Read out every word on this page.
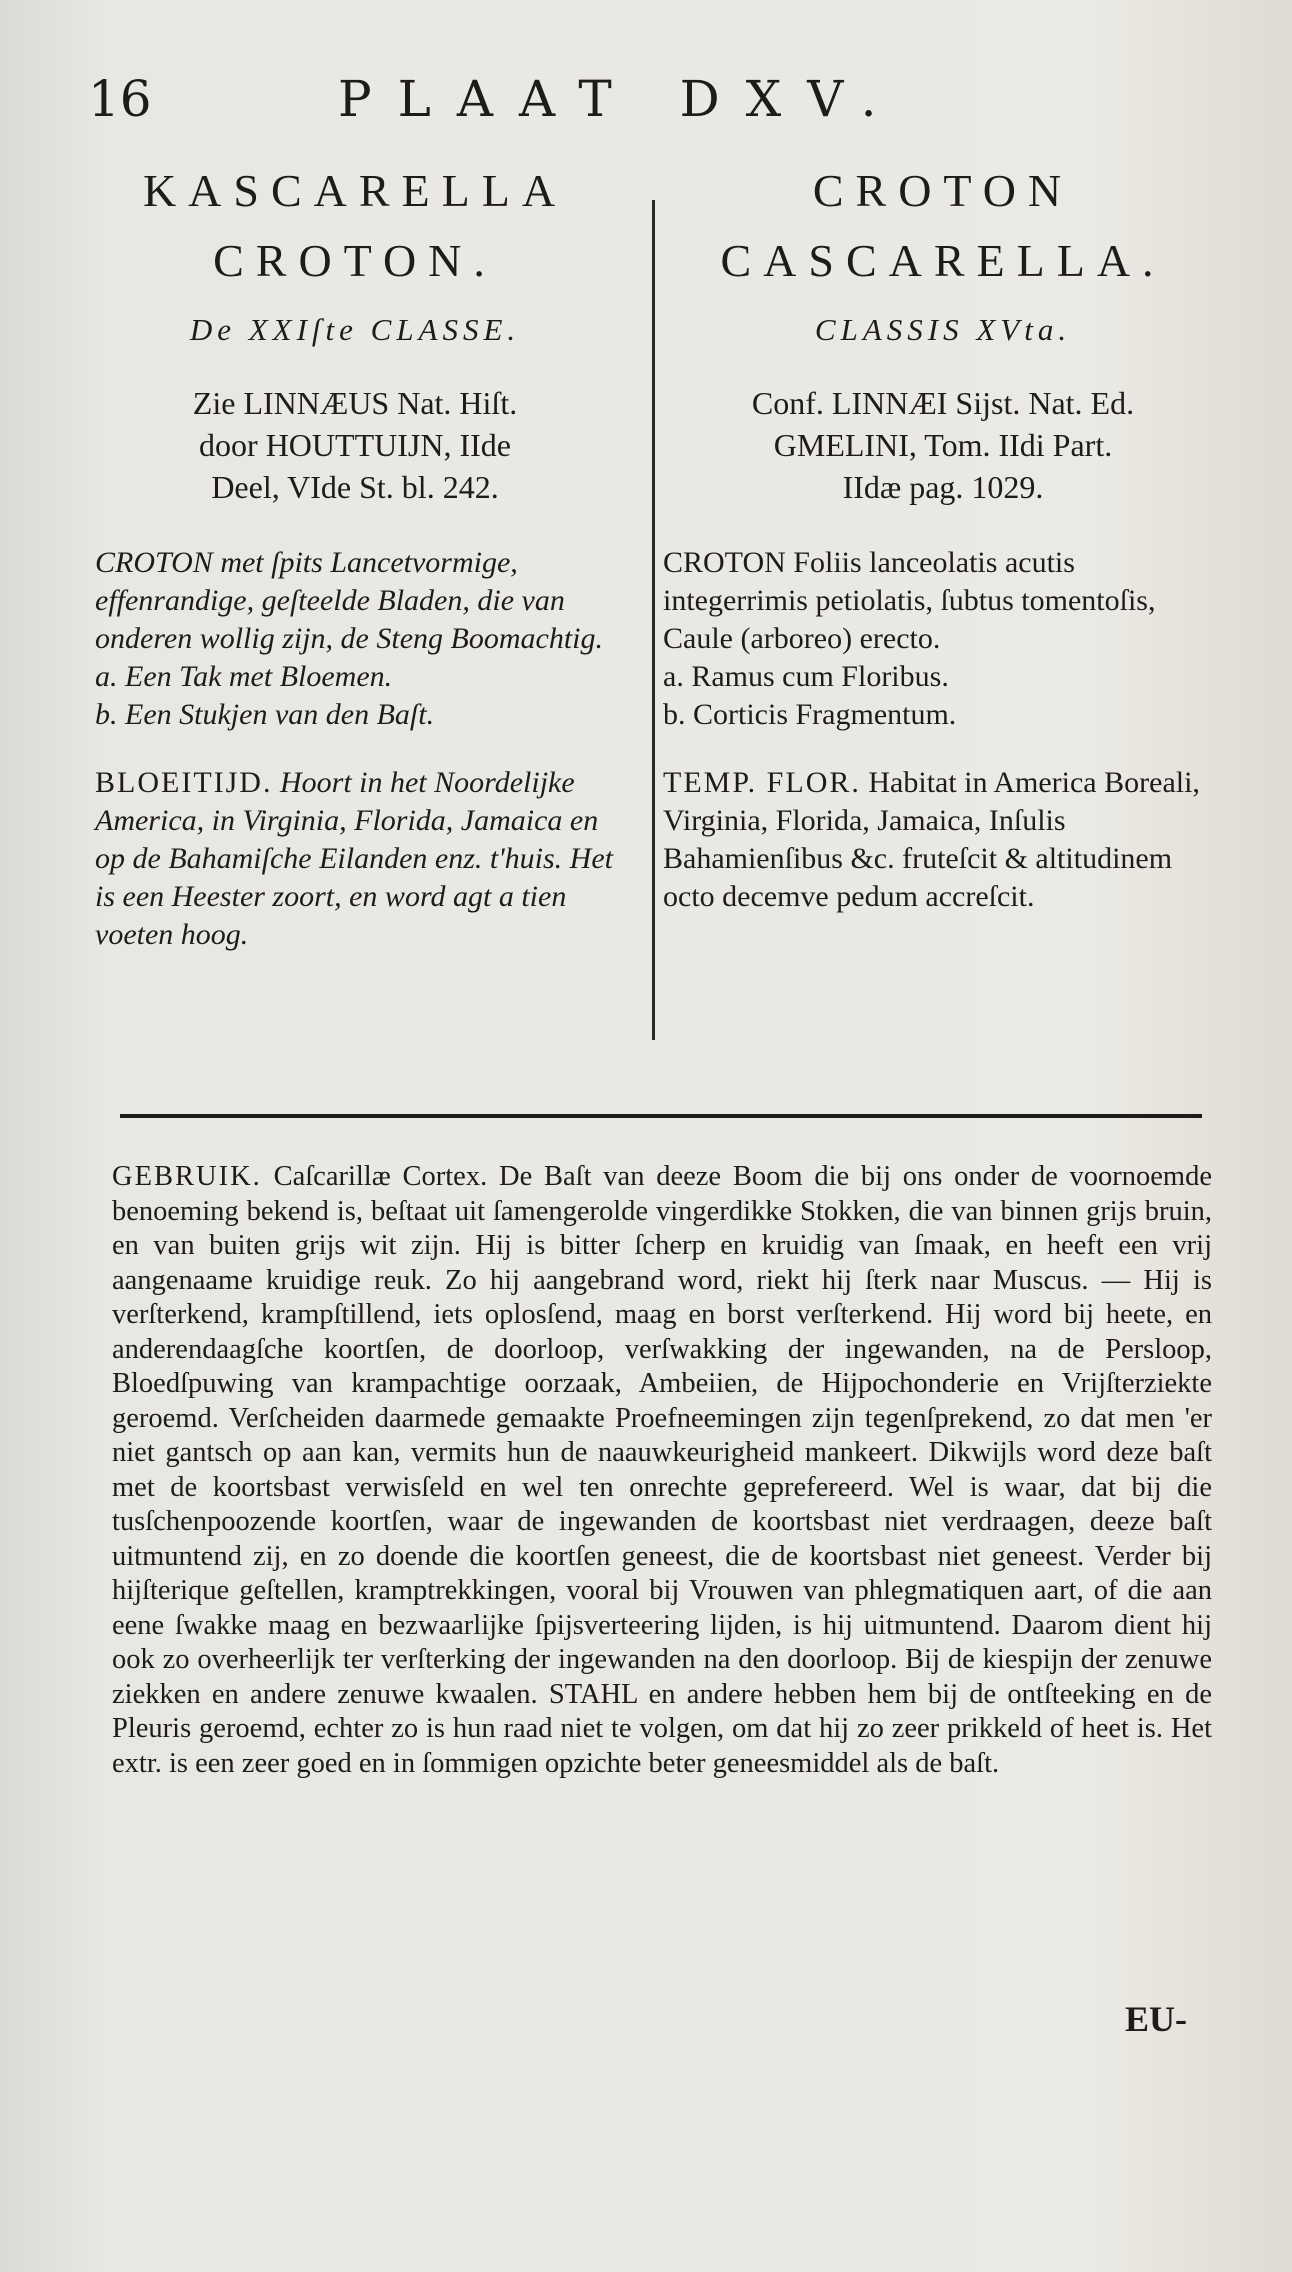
16	PLAAT DXV.
KASCARELLA
CROTON.
De XXIſte CLASSE.
Zie LINNÆUS Nat. Hiſt.
door HOUTTUIJN, IIde
Deel, VIde St. bl. 242.
CROTON met ſpits Lancetvormige, effenrandige, geſteelde Bladen, die van onderen wollig zijn, de Steng Boomachtig.
a. Een Tak met Bloemen.
b. Een Stukjen van den Baſt.
BLOEITIJD. Hoort in het Noordelijke America, in Virginia, Florida, Jamaica en op de Bahamiſche Eilanden enz. t'huis. Het is een Heester zoort, en word agt a tien voeten hoog.
CROTON
CASCARELLA.
CLASSIS XVta.
Conf. LINNÆI Sijst. Nat. Ed.
GMELINI, Tom. IIdi Part.
IIdæ pag. 1029.
CROTON Foliis lanceolatis acutis integerrimis petiolatis, ſubtus tomentoſis, Caule (arboreo) erecto.
a. Ramus cum Floribus.
b. Corticis Fragmentum.
TEMP. FLOR. Habitat in America Boreali, Virginia, Florida, Jamaica, Inſulis Bahamienſibus &c. fruteſcit & altitudinem octo decemve pedum accreſcit.
GEBRUIK. Caſcarillæ Cortex. De Baſt van deeze Boom die bij ons onder de voornoemde benoeming bekend is, beſtaat uit ſamengerolde vingerdikke Stokken, die van binnen grijs bruin, en van buiten grijs wit zijn. Hij is bitter ſcherp en kruidig van ſmaak, en heeft een vrij aangenaame kruidige reuk. Zo hij aangebrand word, riekt hij ſterk naar Muscus. — Hij is verſterkend, krampſtillend, iets oplosſend, maag en borst verſterkend. Hij word bij heete, en anderendaagſche koortſen, de doorloop, verſwakking der ingewanden, na de Persloop, Bloedſpuwing van krampachtige oorzaak, Ambeiien, de Hijpochonderie en Vrijſterziekte geroemd. Verſcheiden daarmede gemaakte Proefneemingen zijn tegenſprekend, zo dat men 'er niet gantsch op aan kan, vermits hun de naauwkeurigheid mankeert. Dikwijls word deze baſt met de koortsbast verwisſeld en wel ten onrechte geprefereerd. Wel is waar, dat bij die tusſchenpoozende koortſen, waar de ingewanden de koortsbast niet verdraagen, deeze baſt uitmuntend zij, en zo doende die koortſen geneest, die de koortsbast niet geneest. Verder bij hijſterique geſtellen, kramptrekkingen, vooral bij Vrouwen van phlegmatiquen aart, of die aan eene ſwakke maag en bezwaarlijke ſpijsverteering lijden, is hij uitmuntend. Daarom dient hij ook zo overheerlijk ter verſterking der ingewanden na den doorloop. Bij de kiespijn der zenuwe ziekken en andere zenuwe kwaalen. STAHL en andere hebben hem bij de ontſteeking en de Pleuris geroemd, echter zo is hun raad niet te volgen, om dat hij zo zeer prikkeld of heet is. Het extr. is een zeer goed en in ſommigen opzichte beter geneesmiddel als de baſt.
EU-
